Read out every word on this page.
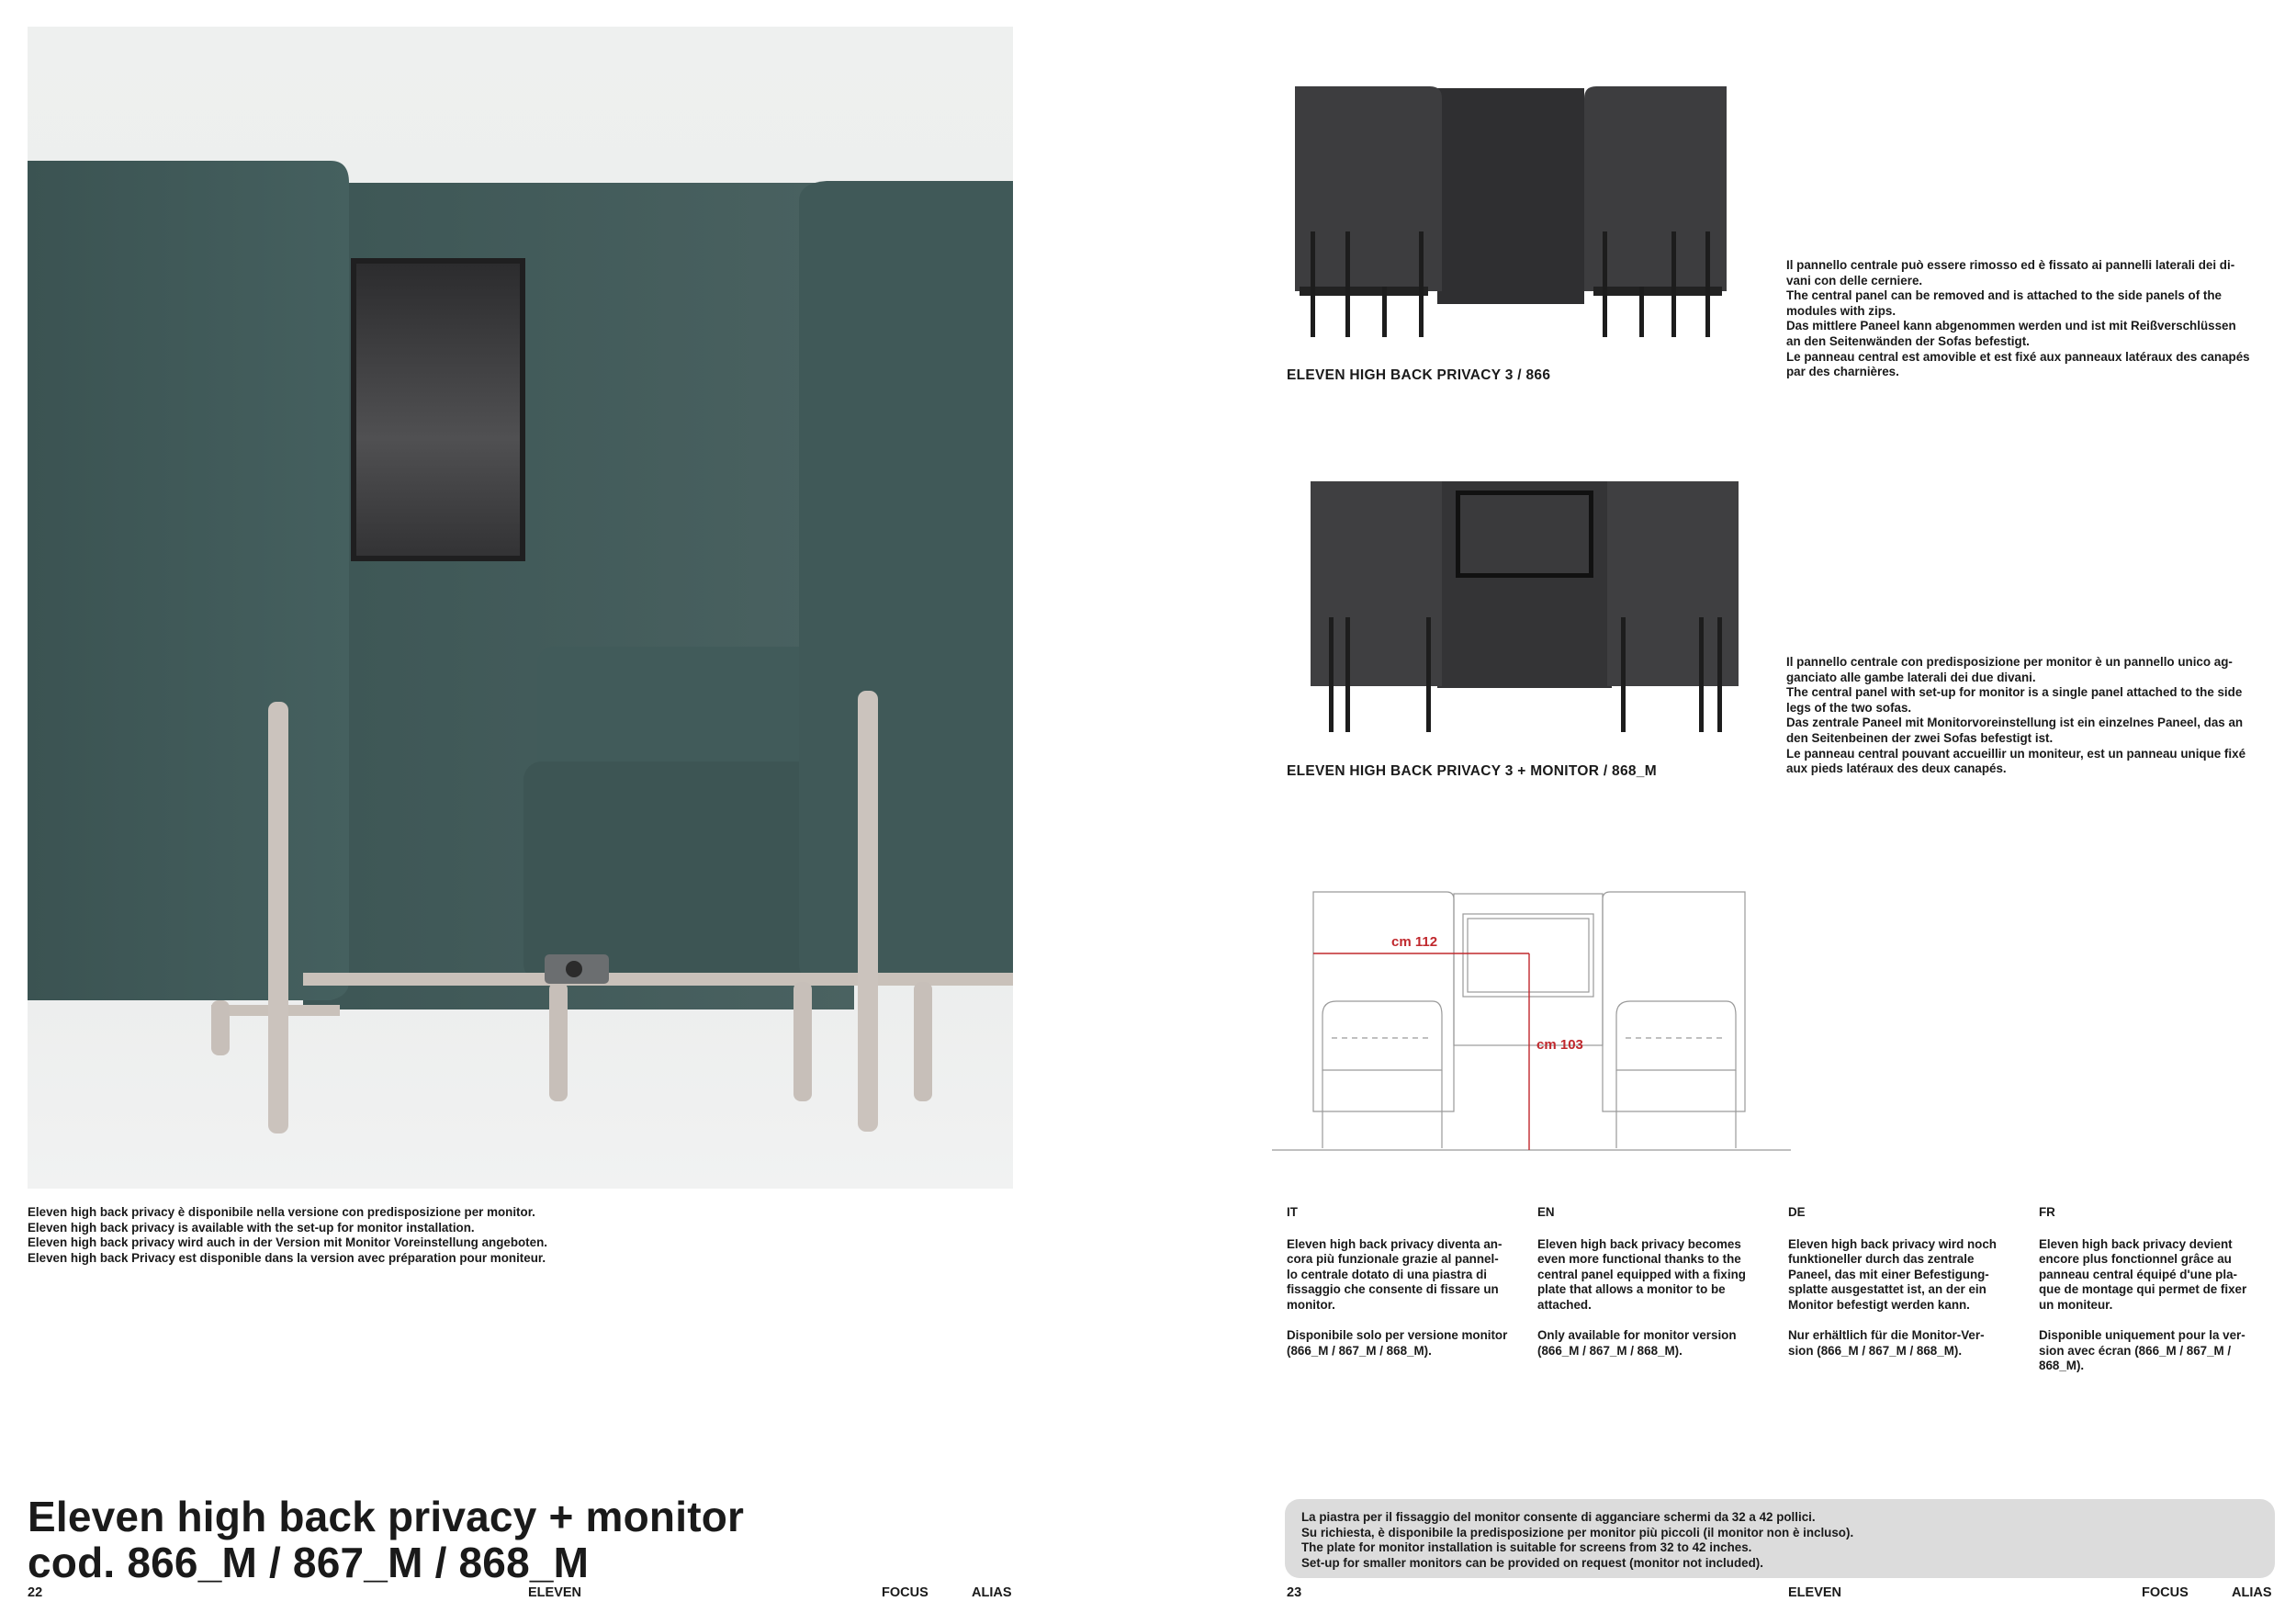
Eleven high back privacy è disponibile nella versione con predisposizione per monitor.
Eleven high back privacy is available with the set-up for monitor installation.
Eleven high back privacy wird auch in der Version mit Monitor Voreinstellung angeboten.
Eleven high back Privacy est disponible dans la version avec préparation pour moniteur.
Eleven high back privacy + monitor
cod. 866_M / 867_M / 868_M
22	ELEVEN	FOCUS	ALIAS
ELEVEN HIGH BACK PRIVACY 3 / 866
Il pannello centrale può essere rimosso ed è fissato ai pannelli laterali dei di-
vani con delle cerniere.
The central panel can be removed and is attached to the side panels of the
modules with zips.
Das mittlere Paneel kann abgenommen werden und ist mit Reißverschlüssen
an den Seitenwänden der Sofas befestigt.
Le panneau central est amovible et est fixé aux panneaux latéraux des canapés
par des charnières.
ELEVEN HIGH BACK PRIVACY 3 + MONITOR / 868_M
Il pannello centrale con predisposizione per monitor è un pannello unico ag-
ganciato alle gambe laterali dei due divani.
The central panel with set-up for monitor is a single panel attached to the side
legs of the two sofas.
Das zentrale Paneel mit Monitorvoreinstellung ist ein einzelnes Paneel, das an
den Seitenbeinen der zwei Sofas befestigt ist.
Le panneau central pouvant accueillir un moniteur, est un panneau unique fixé
aux pieds latéraux des deux canapés.
cm 112
cm 103
IT
Eleven high back privacy diventa an-
cora più funzionale grazie al pannel-
lo centrale dotato di una piastra di
fissaggio che consente di fissare un
monitor.
Disponibile solo per versione monitor
(866_M / 867_M / 868_M).
EN
Eleven high back privacy becomes
even more functional thanks to the
central panel equipped with a fixing
plate that allows a monitor to be
attached.
Only available for monitor version
(866_M / 867_M / 868_M).
DE
Eleven high back privacy wird noch
funktioneller durch das zentrale
Paneel, das mit einer Befestigung-
splatte ausgestattet ist, an der ein
Monitor befestigt werden kann.
Nur erhältlich für die Monitor-Ver-
sion (866_M / 867_M / 868_M).
FR
Eleven high back privacy devient
encore plus fonctionnel grâce au
panneau central équipé d'une pla-
que de montage qui permet de fixer
un moniteur.
Disponible uniquement pour la ver-
sion avec écran (866_M / 867_M /
868_M).
La piastra per il fissaggio del monitor consente di agganciare schermi da 32 a 42 pollici.
Su richiesta, è disponibile la predisposizione per monitor più piccoli (il monitor non è incluso).
The plate for monitor installation is suitable for screens from 32 to 42 inches.
Set-up for smaller monitors can be provided on request (monitor not included).
23	ELEVEN	FOCUS	ALIAS
